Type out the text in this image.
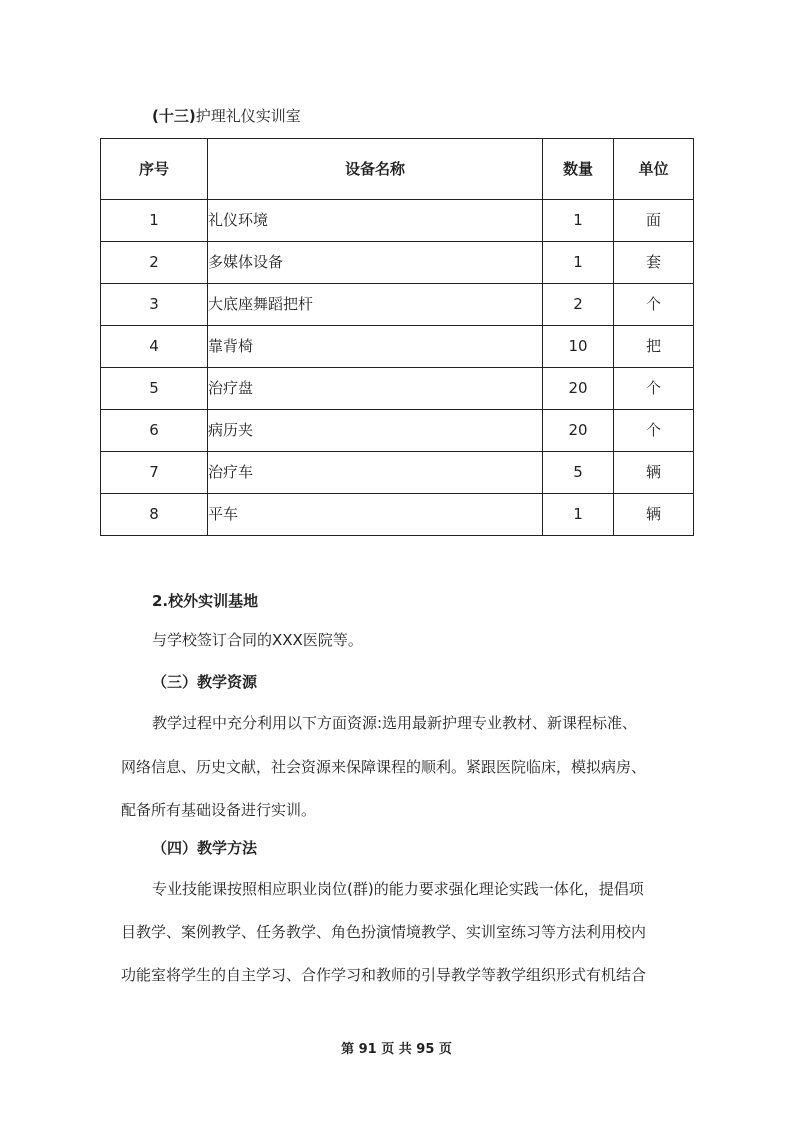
(十三)护理礼仪实训室
序号	设备名称	数量	单位
1	礼仪环境	1	面
2	多媒体设备	1	套
3	大底座舞蹈把杆	2	个
4	靠背椅	10	把
5	治疗盘	20	个
6	病历夹	20	个
7	治疗车	5	辆
8	平车	1	辆
2.校外实训基地
与学校签订合同的XXX医院等。
（三）教学资源
教学过程中充分利用以下方面资源:选用最新护理专业教材、新课程标准、
网络信息、历史文献，社会资源来保障课程的顺利。紧跟医院临床，模拟病房、
配备所有基础设备进行实训。
（四）教学方法
专业技能课按照相应职业岗位(群)的能力要求强化理论实践一体化，提倡项
目教学、案例教学、任务教学、角色扮演情境教学、实训室练习等方法利用校内
功能室将学生的自主学习、合作学习和教师的引导教学等教学组织形式有机结合
第 91 页 共 95 页
